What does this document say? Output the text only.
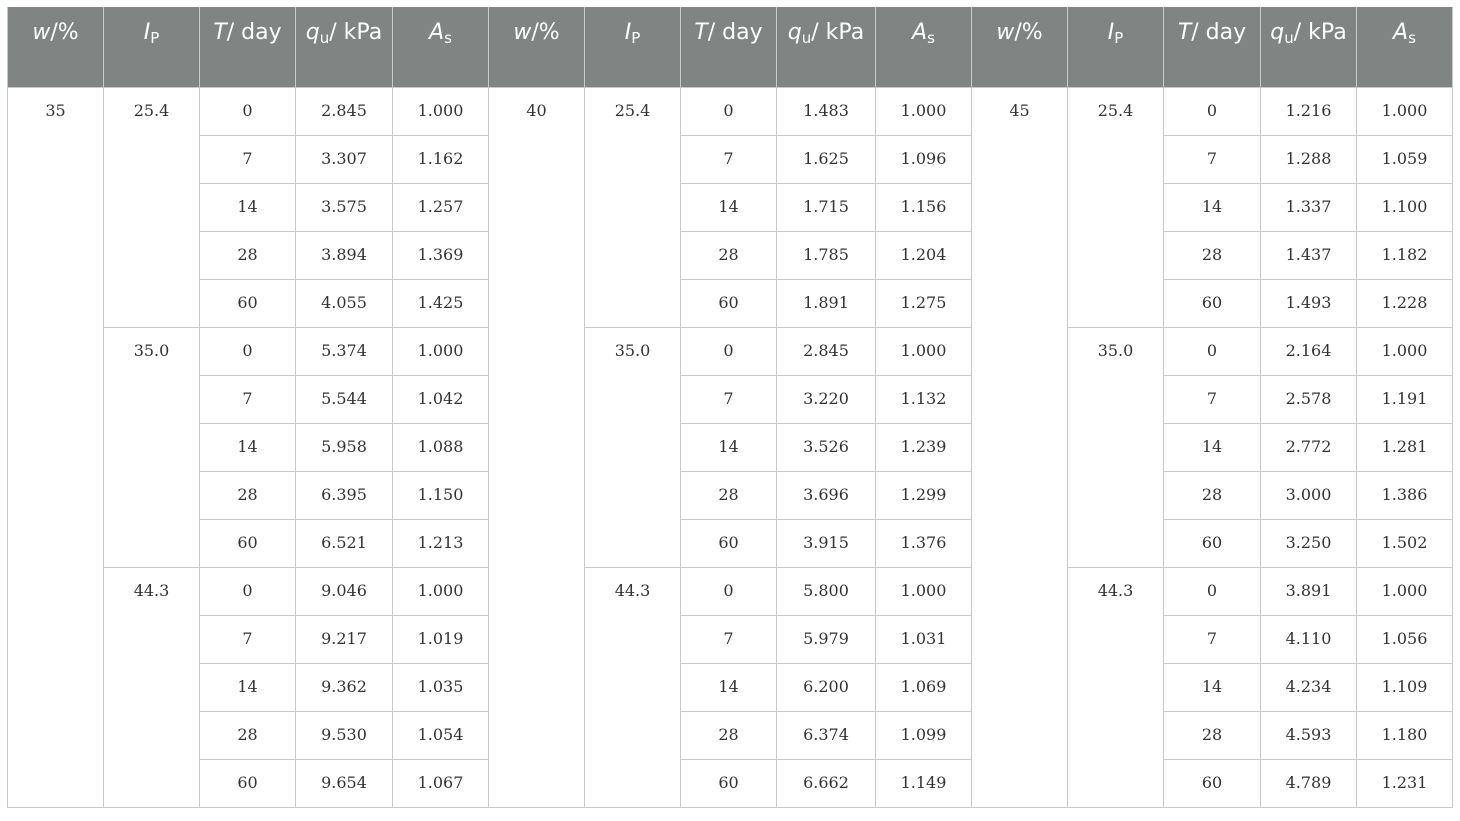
w/%	$I_P$	T/ day	$q_u/$ kPa	$A_s$	w/%	$I_P$	T/ day	$q_u/$ kPa	$A_s$	w/%	$I_P$	T/ day	$q_u/$ kPa	$A_s$
35	25.4	0	2.845	1.000	40	25.4	0	1.483	1.000	45	25.4	0	1.216	1.000
		7	3.307	1.162			7	1.625	1.096			7	1.288	1.059
		14	3.575	1.257			14	1.715	1.156			14	1.337	1.100
		28	3.894	1.369			28	1.785	1.204			28	1.437	1.182
		60	4.055	1.425			60	1.891	1.275			60	1.493	1.228
	35.0	0	5.374	1.000		35.0	0	2.845	1.000		35.0	0	2.164	1.000
		7	5.544	1.042			7	3.220	1.132			7	2.578	1.191
		14	5.958	1.088			14	3.526	1.239			14	2.772	1.281
		28	6.395	1.150			28	3.696	1.299			28	3.000	1.386
		60	6.521	1.213			60	3.915	1.376			60	3.250	1.502
	44.3	0	9.046	1.000		44.3	0	5.800	1.000		44.3	0	3.891	1.000
		7	9.217	1.019			7	5.979	1.031			7	4.110	1.056
		14	9.362	1.035			14	6.200	1.069			14	4.234	1.109
		28	9.530	1.054			28	6.374	1.099			28	4.593	1.180
		60	9.654	1.067			60	6.662	1.149			60	4.789	1.231
